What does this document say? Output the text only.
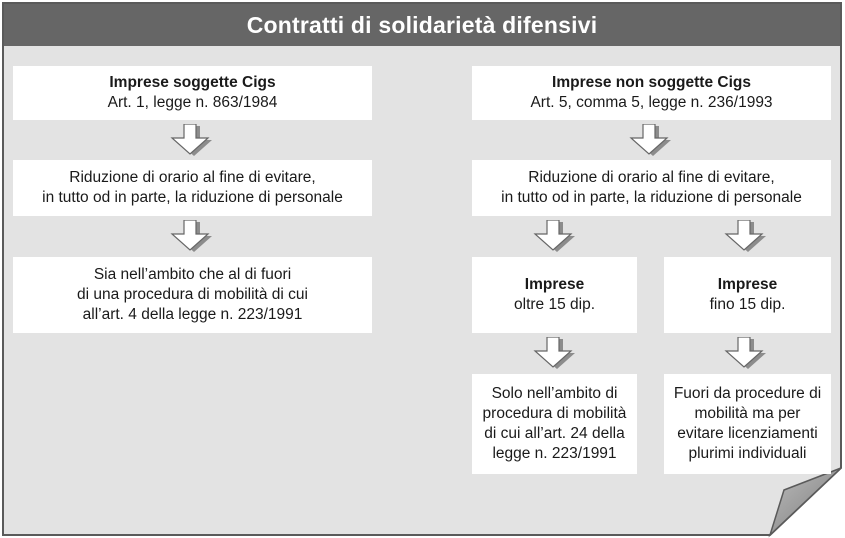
Contratti di solidarietà difensivi
Imprese soggette Cigs
Art. 1, legge n. 863/1984
Riduzione di orario al fine di evitare,
in tutto od in parte, la riduzione di personale
Sia nell’ambito che al di fuori
di una procedura di mobilità di cui
all’art. 4 della legge n. 223/1991
Imprese non soggette Cigs
Art. 5, comma 5, legge n. 236/1993
Riduzione di orario al fine di evitare,
in tutto od in parte, la riduzione di personale
Imprese
oltre 15 dip.
Imprese
fino 15 dip.
Solo nell’ambito di
procedura di mobilità
di cui all’art. 24 della
legge n. 223/1991
Fuori da procedure di
mobilità ma per
evitare licenziamenti
plurimi individuali
